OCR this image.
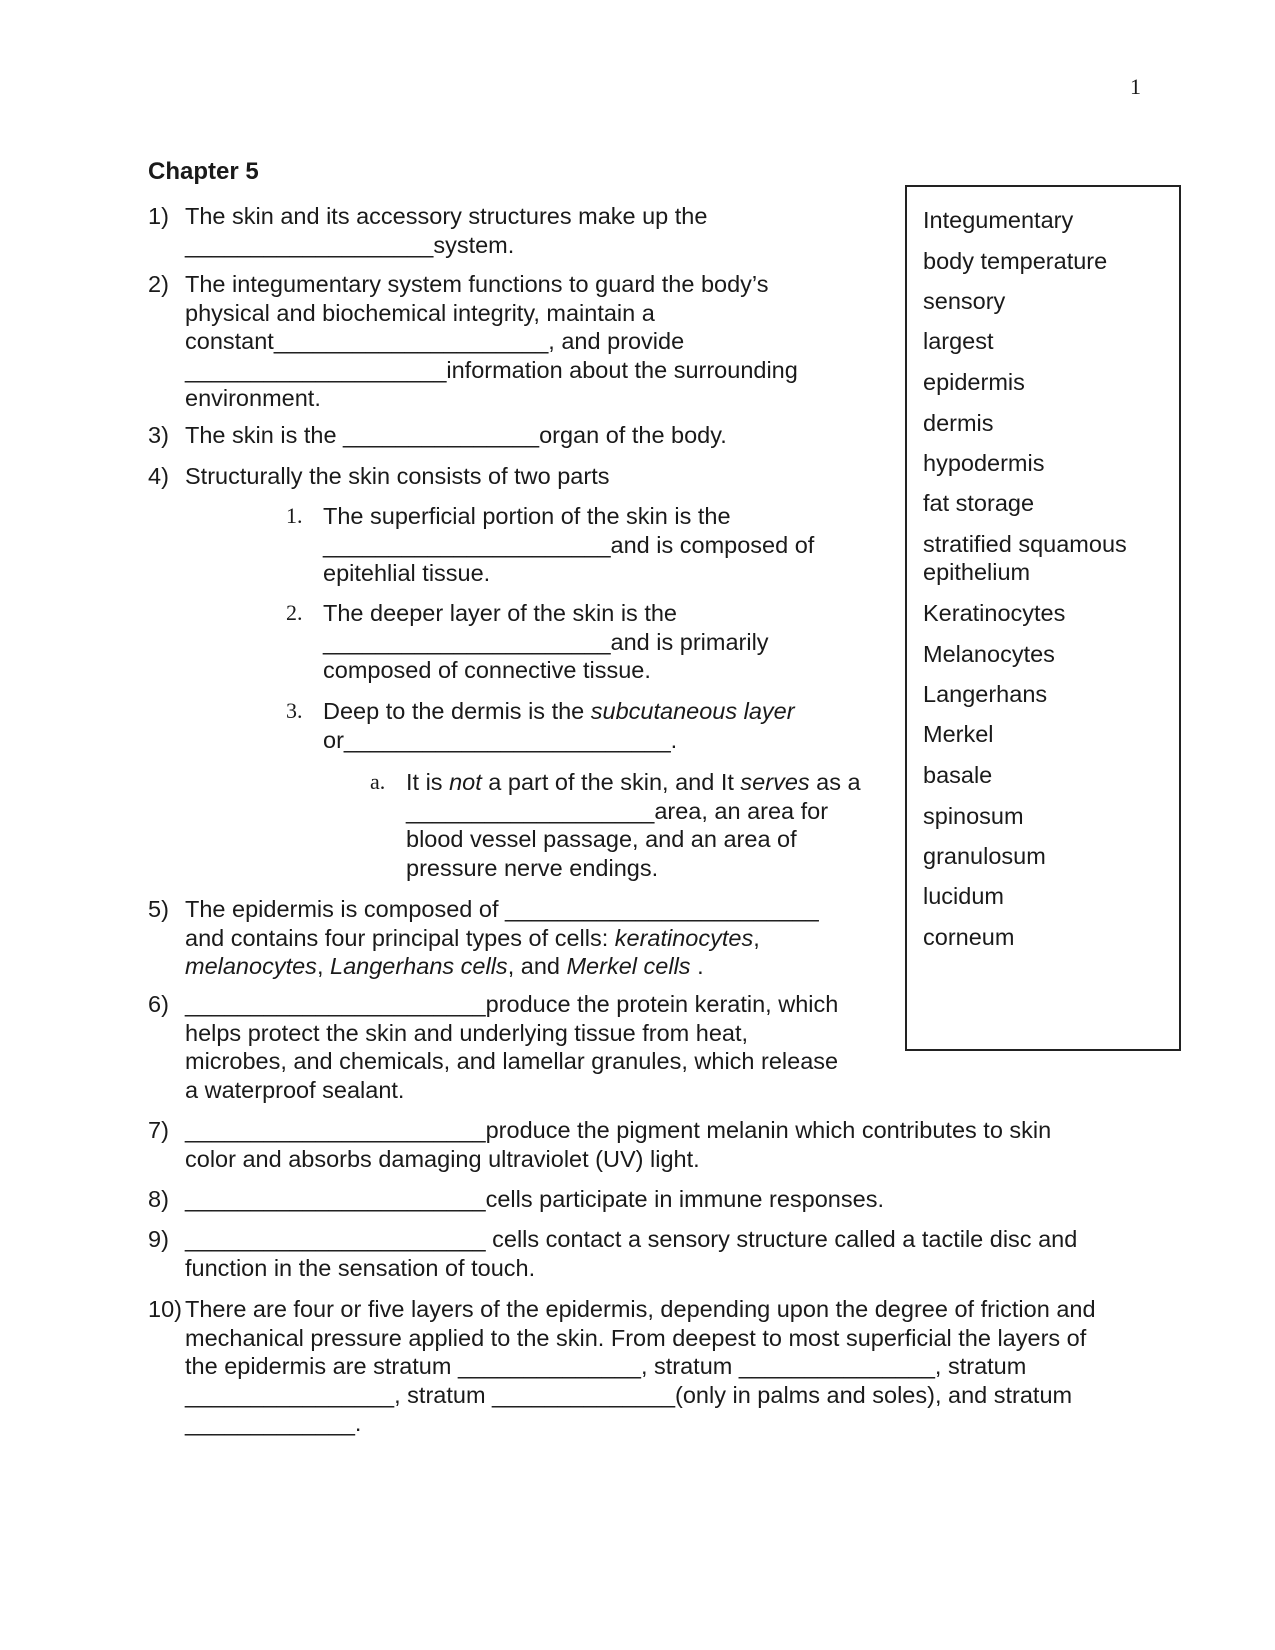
1
Chapter 5
1) The skin and its accessory structures make up the
___________________system.
2) The integumentary system functions to guard the body’s
physical and biochemical integrity, maintain a
constant_____________________, and provide
____________________information about the surrounding
environment.
3) The skin is the _______________organ of the body.
4) Structurally the skin consists of two parts
1. The superficial portion of the skin is the
______________________and is composed of
epitehlial tissue.
2. The deeper layer of the skin is the
______________________and is primarily
composed of connective tissue.
3. Deep to the dermis is the subcutaneous layer
or_________________________.
a. It is not a part of the skin, and It serves as a
___________________area, an area for
blood vessel passage, and an area of
pressure nerve endings.
5) The epidermis is composed of ________________________
and contains four principal types of cells: keratinocytes,
melanocytes, Langerhans cells, and Merkel cells .
6) _______________________produce the protein keratin, which
helps protect the skin and underlying tissue from heat,
microbes, and chemicals, and lamellar granules, which release
a waterproof sealant.
7) _______________________produce the pigment melanin which contributes to skin
color and absorbs damaging ultraviolet (UV) light.
8) _______________________cells participate in immune responses.
9) _______________________ cells contact a sensory structure called a tactile disc and
function in the sensation of touch.
10) There are four or five layers of the epidermis, depending upon the degree of friction and
mechanical pressure applied to the skin. From deepest to most superficial the layers of
the epidermis are stratum ______________, stratum _______________, stratum
________________, stratum ______________(only in palms and soles), and stratum
_____________.
Integumentary
body temperature
sensory
largest
epidermis
dermis
hypodermis
fat storage
stratified squamous
epithelium
Keratinocytes
Melanocytes
Langerhans
Merkel
basale
spinosum
granulosum
lucidum
corneum
